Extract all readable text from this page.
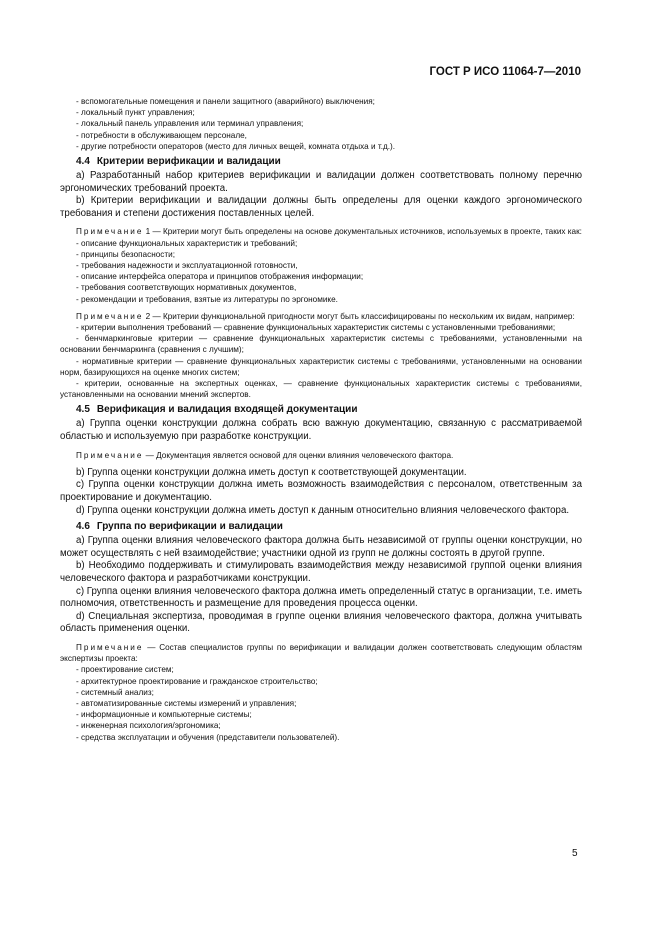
ГОСТ Р ИСО 11064-7—2010
- вспомогательные помещения и панели защитного (аварийного) выключения;
- локальный пункт управления;
- локальный панель управления или терминал управления;
- потребности в обслуживающем персонале,
- другие потребности операторов (место для личных вещей, комната отдыха и т.д.).
4.4 Критерии верификации и валидации
а) Разработанный набор критериев верификации и валидации должен соответствовать полному перечню эргономических требований проекта.
b) Критерии верификации и валидации должны быть определены для оценки каждого эргономического требования и степени достижения поставленных целей.
Примечание 1 — Критерии могут быть определены на основе документальных источников, используемых в проекте, таких как:
- описание функциональных характеристик и требований;
- принципы безопасности;
- требования надежности и эксплуатационной готовности,
- описание интерфейса оператора и принципов отображения информации;
- требования соответствующих нормативных документов,
- рекомендации и требования, взятые из литературы по эргономике.
Примечание 2 — Критерии функциональной пригодности могут быть классифицированы по нескольким их видам, например:
- критерии выполнения требований — сравнение функциональных характеристик системы с установленными требованиями;
- бенчмаркинговые критерии — сравнение функциональных характеристик системы с требованиями, установленными на основании бенчмаркинга (сравнения с лучшим);
- нормативные критерии — сравнение функциональных характеристик системы с требованиями, установленными на основании норм, базирующихся на оценке многих систем;
- критерии, основанные на экспертных оценках, — сравнение функциональных характеристик системы с требованиями, установленными на основании мнений экспертов.
4.5 Верификация и валидация входящей документации
а) Группа оценки конструкции должна собрать всю важную документацию, связанную с рассматриваемой областью и используемую при разработке конструкции.
Примечание — Документация является основой для оценки влияния человеческого фактора.
b) Группа оценки конструкции должна иметь доступ к соответствующей документации.
с) Группа оценки конструкции должна иметь возможность взаимодействия с персоналом, ответственным за проектирование и документацию.
d) Группа оценки конструкции должна иметь доступ к данным относительно влияния человеческого фактора.
4.6 Группа по верификации и валидации
а) Группа оценки влияния человеческого фактора должна быть независимой от группы оценки конструкции, но может осуществлять с ней взаимодействие; участники одной из групп не должны состоять в другой группе.
b) Необходимо поддерживать и стимулировать взаимодействия между независимой группой оценки влияния человеческого фактора и разработчиками конструкции.
с) Группа оценки влияния человеческого фактора должна иметь определенный статус в организации, т.е. иметь полномочия, ответственность и размещение для проведения процесса оценки.
d) Специальная экспертиза, проводимая в группе оценки влияния человеческого фактора, должна учитывать область применения оценки.
Примечание — Состав специалистов группы по верификации и валидации должен соответствовать следующим областям экспертизы проекта:
- проектирование систем;
- архитектурное проектирование и гражданское строительство;
- системный анализ;
- автоматизированные системы измерений и управления;
- информационные и компьютерные системы;
- инженерная психология/эргономика;
- средства эксплуатации и обучения (представители пользователей).
5
